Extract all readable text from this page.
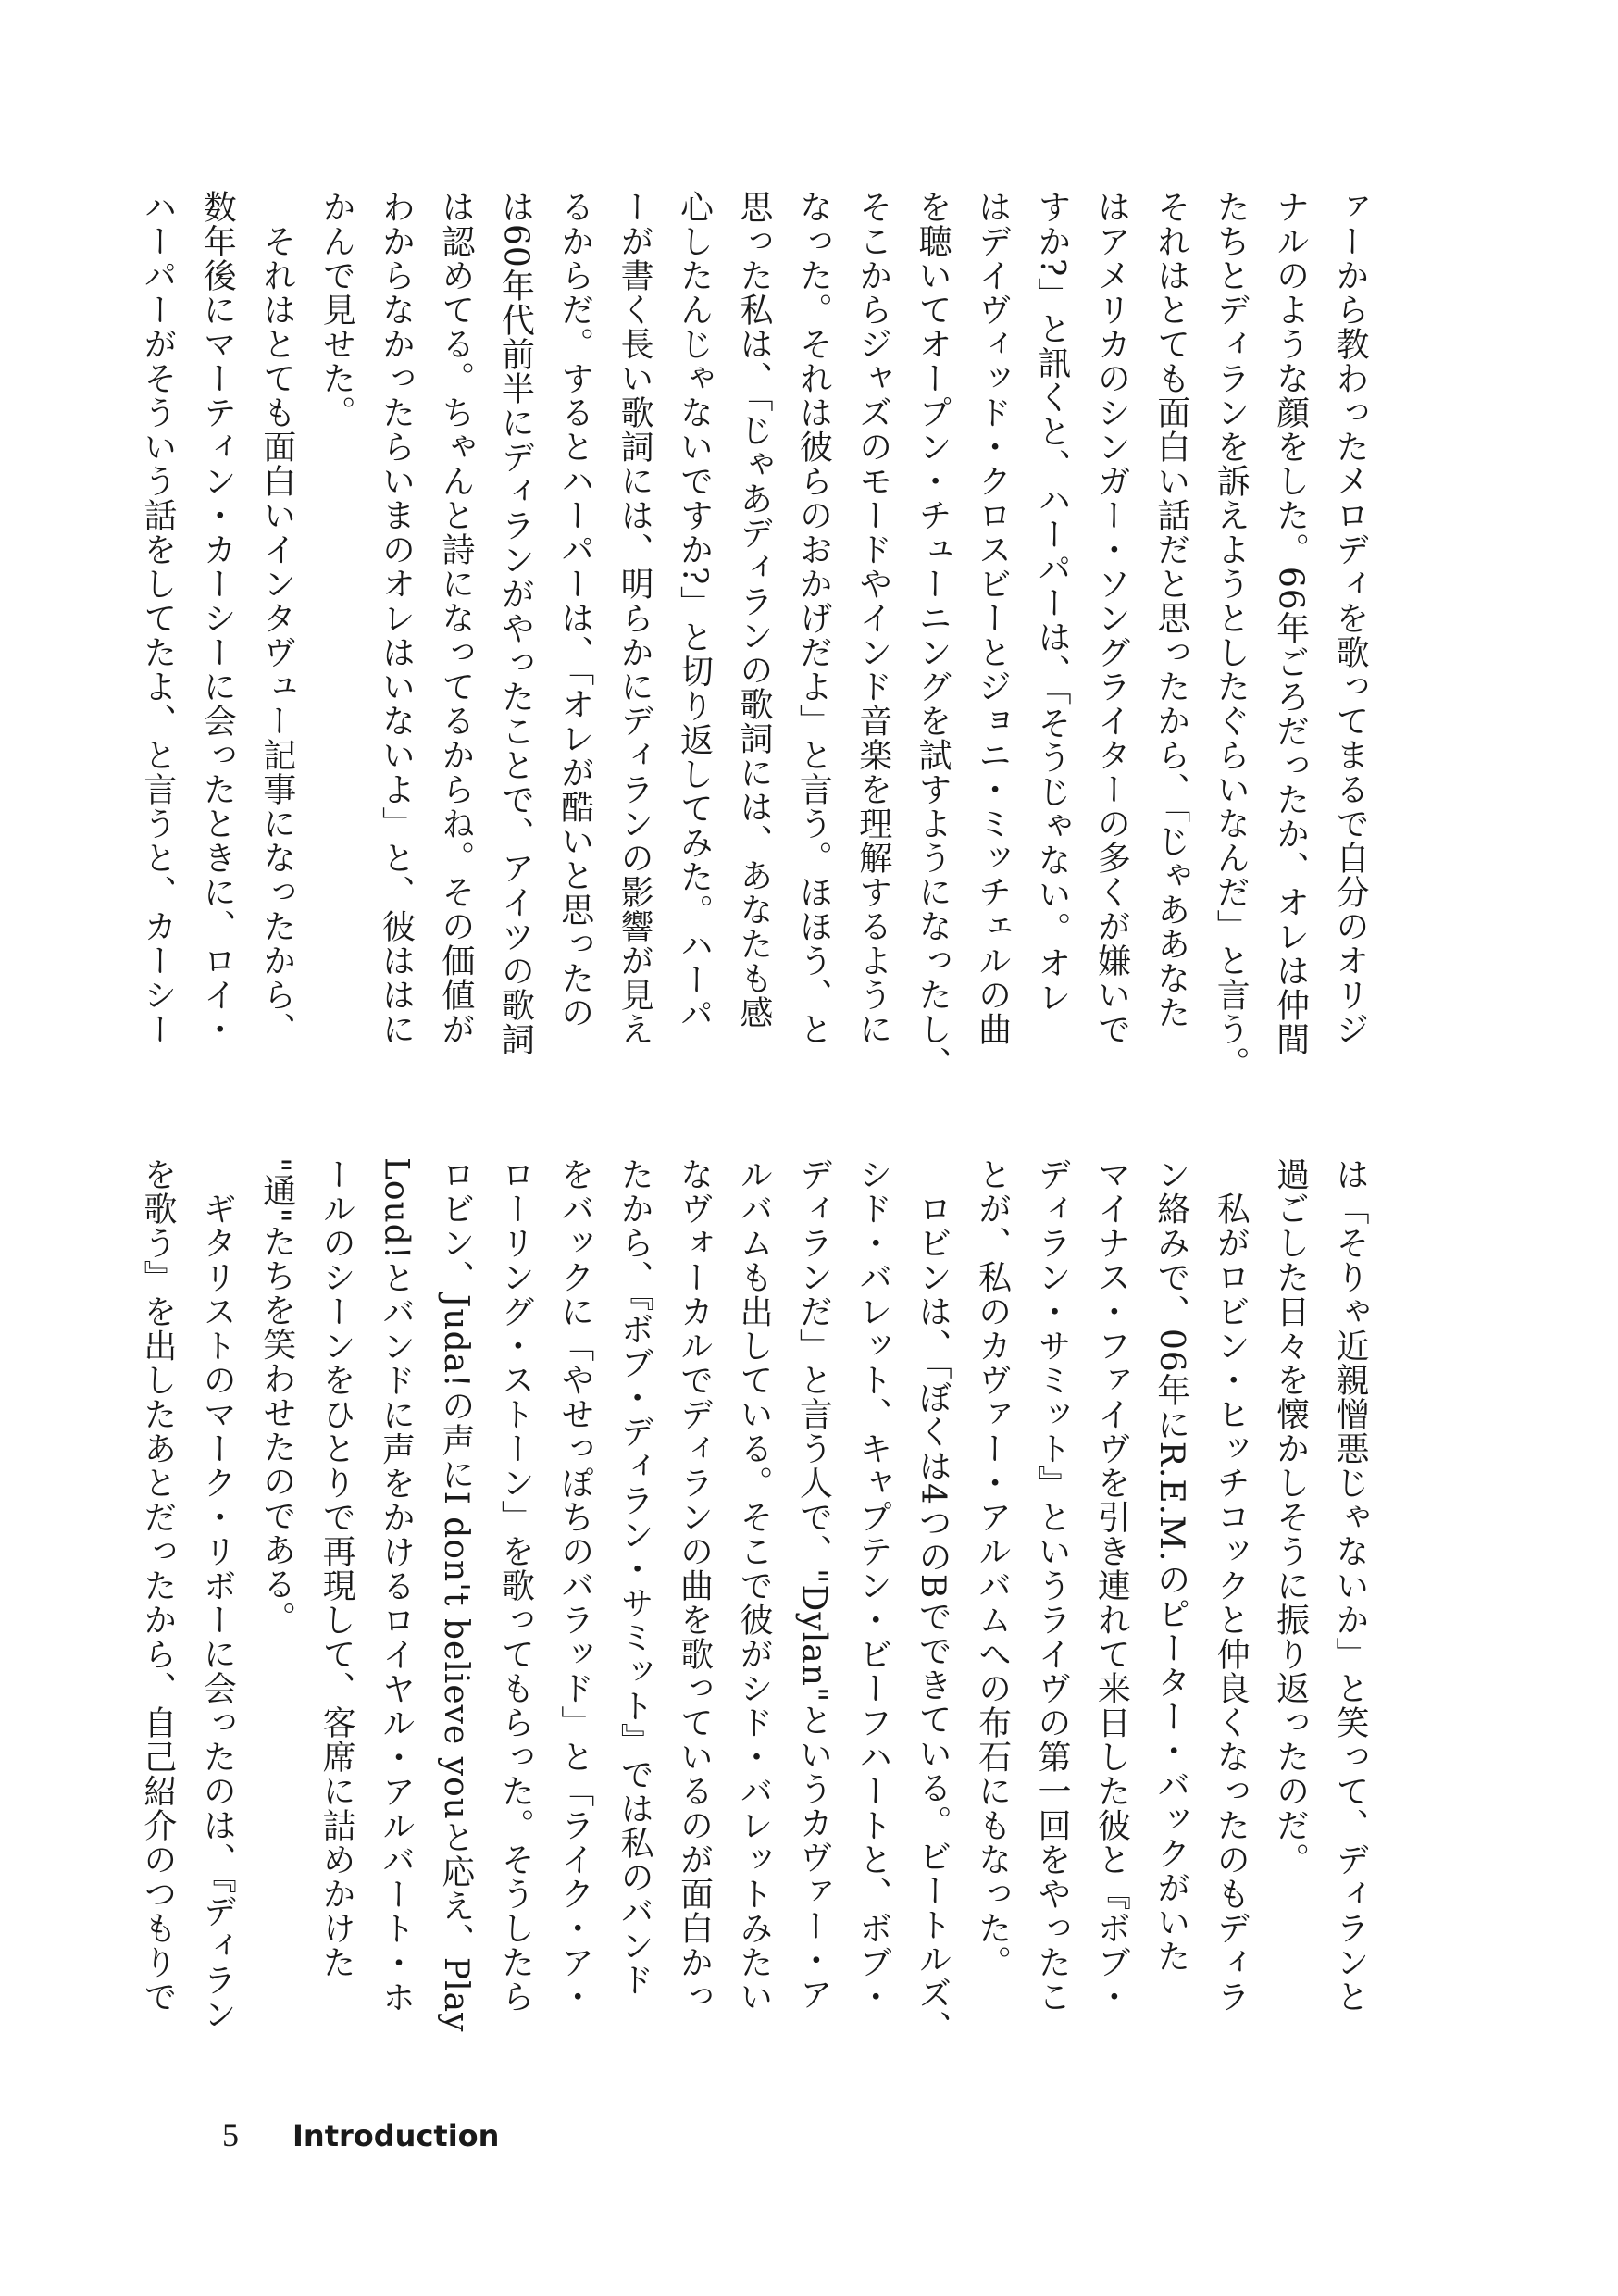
ァーから教わったメロディを歌ってまるで自分のオリジ
ナルのような顔をした。66年ごろだったか、オレは仲間
たちとディランを訴えようとしたぐらいなんだ」と言う。
それはとても面白い話だと思ったから、「じゃああなた
はアメリカのシンガー・ソングライターの多くが嫌いで
すか?」と訊くと、ハーパーは、「そうじゃない。オレ
はデイヴィッド・クロスビーとジョニ・ミッチェルの曲
を聴いてオープン・チューニングを試すようになったし、
そこからジャズのモードやインド音楽を理解するように
なった。それは彼らのおかげだよ」と言う。ほほう、と
思った私は、「じゃあディランの歌詞には、あなたも感
心したんじゃないですか?」と切り返してみた。ハーパ
ーが書く長い歌詞には、明らかにディランの影響が見え
るからだ。するとハーパーは、「オレが酷いと思ったの
は60年代前半にディランがやったことで、アイツの歌詞
は認めてる。ちゃんと詩になってるからね。その価値が
わからなかったらいまのオレはいないよ」と、彼ははに
かんで見せた。
　それはとても面白いインタヴュー記事になったから、
数年後にマーティン・カーシーに会ったときに、ロイ・
ハーパーがそういう話をしてたよ、と言うと、カーシー
は「そりゃ近親憎悪じゃないか」と笑って、ディランと
過ごした日々を懐かしそうに振り返ったのだ。
　私がロビン・ヒッチコックと仲良くなったのもディラ
ン絡みで、06年にR.E.M.のピーター・バックがいた
マイナス・ファイヴを引き連れて来日した彼と『ボブ・
ディラン・サミット』というライヴの第一回をやったこ
とが、私のカヴァー・アルバムへの布石にもなった。
　ロビンは、「ぼくは4つのBでできている。ビートルズ、
シド・バレット、キャプテン・ビーフハートと、ボブ・
ディランだ」と言う人で、"Dylan"というカヴァー・ア
ルバムも出している。そこで彼がシド・バレットみたい
なヴォーカルでディランの曲を歌っているのが面白かっ
たから、『ボブ・ディラン・サミット』では私のバンド
をバックに「やせっぽちのバラッド」と「ライク・ア・
ローリング・ストーン」を歌ってもらった。そうしたら
ロビン、Juda!の声にI don't believe youと応え、Play
Loud!とバンドに声をかけるロイヤル・アルバート・ホ
ールのシーンをひとりで再現して、客席に詰めかけた
"通"たちを笑わせたのである。
　ギタリストのマーク・リボーに会ったのは、『ディラン
を歌う』を出したあとだったから、自己紹介のつもりで
5 Introduction
